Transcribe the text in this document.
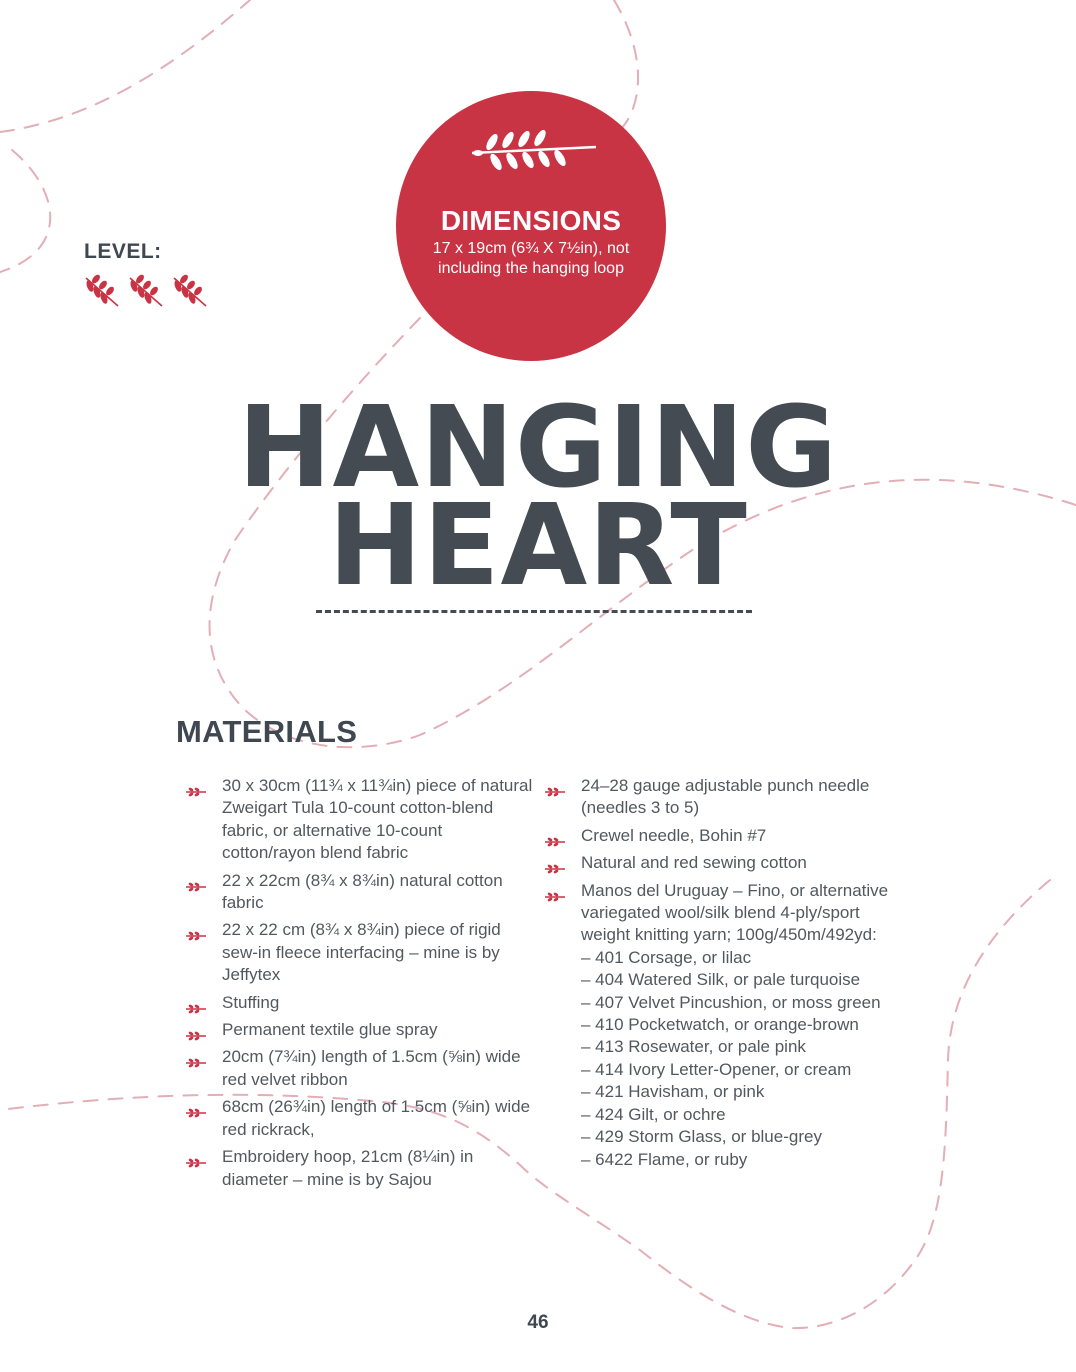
LEVEL:
DIMENSIONS
17 x 19cm (6¾ X 7½in), not including the hanging loop
HANGING
HEART
MATERIALS
30 x 30cm (11¾ x 11¾in) piece of natural Zweigart Tula 10-count cotton-blend fabric, or alternative 10-count cotton/rayon blend fabric
22 x 22cm (8¾ x 8¾in) natural cotton fabric
22 x 22 cm (8¾ x 8¾in) piece of rigid sew-in fleece interfacing – mine is by Jeffytex
Stuffing
Permanent textile glue spray
20cm (7¾in) length of 1.5cm (⅝in) wide red velvet ribbon
68cm (26¾in) length of 1.5cm (⅝in) wide red rickrack,
Embroidery hoop, 21cm (8¼in) in diameter – mine is by Sajou
24–28 gauge adjustable punch needle (needles 3 to 5)
Crewel needle, Bohin #7
Natural and red sewing cotton
Manos del Uruguay – Fino, or alternative variegated wool/silk blend 4-ply/sport weight knitting yarn; 100g/450m/492yd:
– 401 Corsage, or lilac
– 404 Watered Silk, or pale turquoise
– 407 Velvet Pincushion, or moss green
– 410 Pocketwatch, or orange-brown
– 413 Rosewater, or pale pink
– 414 Ivory Letter-Opener, or cream
– 421 Havisham, or pink
– 424 Gilt, or ochre
– 429 Storm Glass, or blue-grey
– 6422 Flame, or ruby
46
